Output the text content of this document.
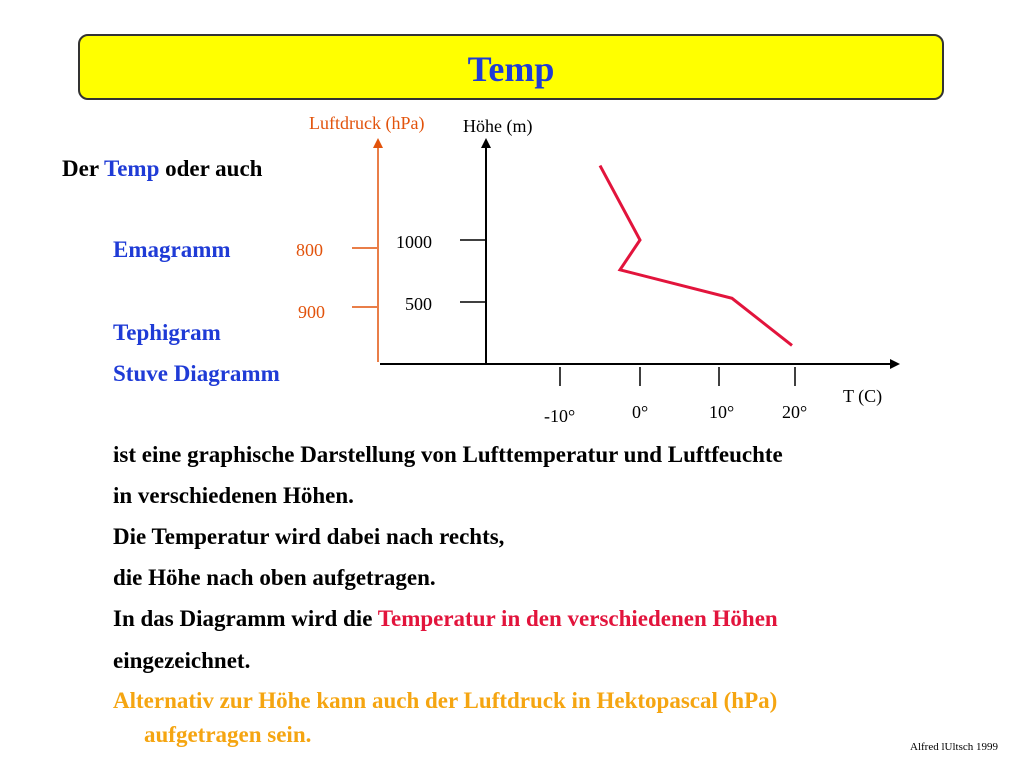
Temp
Der Temp oder auch
Emagramm
Tephigram
Stuve Diagramm
Luftdruck (hPa)
800
900
Höhe (m)
1000
500
T (C)
-10°	0°	10°	20°
ist eine graphische Darstellung von Lufttemperatur und Luftfeuchte
in verschiedenen Höhen.
Die Temperatur wird dabei nach rechts,
die Höhe nach oben aufgetragen.
In das Diagramm wird die Temperatur in den verschiedenen Höhen
eingezeichnet.
Alternativ zur Höhe kann auch der Luftdruck in Hektopascal (hPa)
aufgetragen sein.	Alfred lUltsch 1999
